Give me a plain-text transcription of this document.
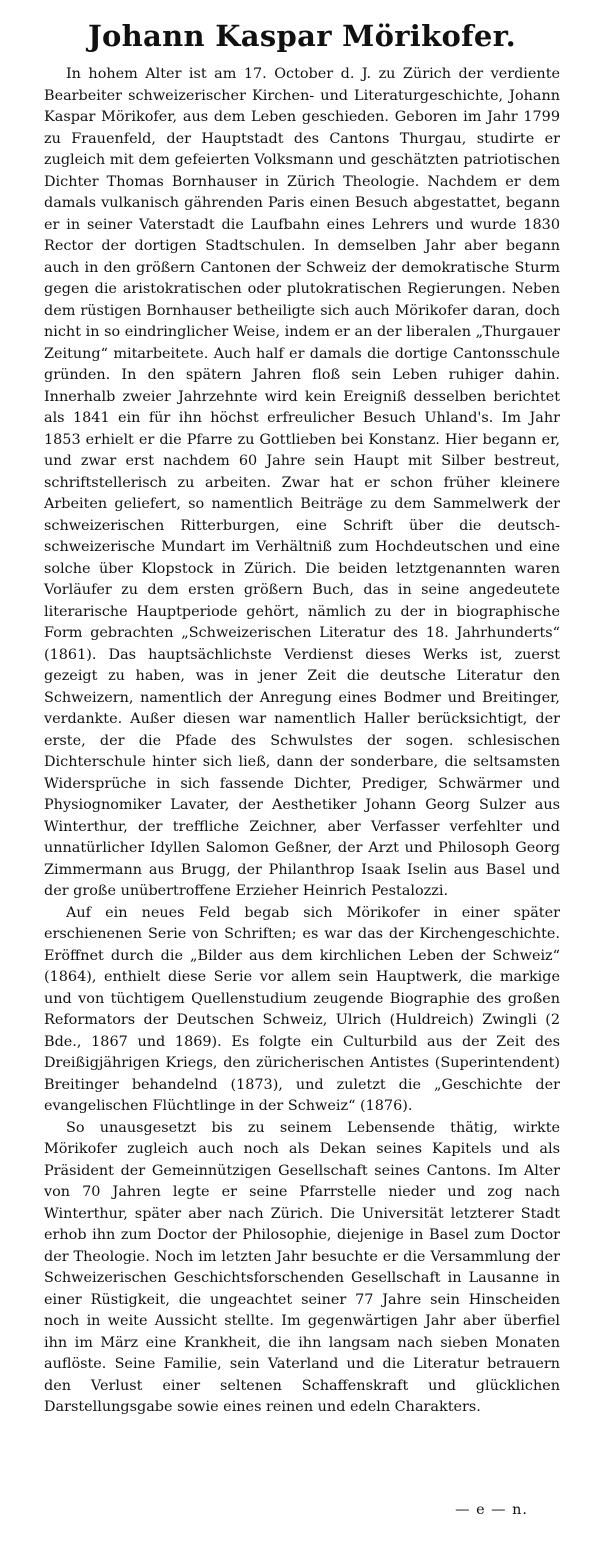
Johann Kaspar Mörikofer.

In hohem Alter ist am 17. October d. J. zu Zürich der verdiente Bearbeiter schweizerischer Kirchen- und Literaturgeschichte, Johann Kaspar Mörikofer, aus dem Leben geschieden. Geboren im Jahr 1799 zu Frauenfeld, der Hauptstadt des Cantons Thurgau, studirte er zugleich mit dem gefeierten Volksmann und geschätzten patriotischen Dichter Thomas Bornhauser in Zürich Theologie. Nachdem er dem damals vulkanisch gährenden Paris einen Besuch abgestattet, begann er in seiner Vaterstadt die Laufbahn eines Lehrers und wurde 1830 Rector der dortigen Stadtschulen. In demselben Jahr aber begann auch in den größern Cantonen der Schweiz der demokratische Sturm gegen die aristokratischen oder plutokratischen Regierungen. Neben dem rüstigen Bornhauser betheiligte sich auch Mörikofer daran, doch nicht in so eindringlicher Weise, indem er an der liberalen „Thurgauer Zeitung“ mitarbeitete. Auch half er damals die dortige Cantonsschule gründen. In den spätern Jahren floß sein Leben ruhiger dahin. Innerhalb zweier Jahrzehnte wird kein Ereigniß desselben berichtet als 1841 ein für ihn höchst erfreulicher Besuch Uhland's. Im Jahr 1853 erhielt er die Pfarre zu Gottlieben bei Konstanz. Hier begann er, und zwar erst nachdem 60 Jahre sein Haupt mit Silber bestreut, schriftstellerisch zu arbeiten. Zwar hat er schon früher kleinere Arbeiten geliefert, so namentlich Beiträge zu dem Sammelwerk der schweizerischen Ritterburgen, eine Schrift über die deutsch-schweizerische Mundart im Verhältniß zum Hochdeutschen und eine solche über Klopstock in Zürich. Die beiden letztgenannten waren Vorläufer zu dem ersten größern Buch, das in seine angedeutete literarische Hauptperiode gehört, nämlich zu der in biographische Form gebrachten „Schweizerischen Literatur des 18. Jahrhunderts“ (1861). Das hauptsächlichste Verdienst dieses Werks ist, zuerst gezeigt zu haben, was in jener Zeit die deutsche Literatur den Schweizern, namentlich der Anregung eines Bodmer und Breitinger, verdankte. Außer diesen war namentlich Haller berücksichtigt, der erste, der die Pfade des Schwulstes der sogen. schlesischen Dichterschule hinter sich ließ, dann der sonderbare, die seltsamsten Widersprüche in sich fassende Dichter, Prediger, Schwärmer und Physiognomiker Lavater, der Aesthetiker Johann Georg Sulzer aus Winterthur, der treffliche Zeichner, aber Verfasser verfehlter und unnatürlicher Idyllen Salomon Geßner, der Arzt und Philosoph Georg Zimmermann aus Brugg, der Philanthrop Isaak Iselin aus Basel und der große unübertroffene Erzieher Heinrich Pestalozzi.

Auf ein neues Feld begab sich Mörikofer in einer später erschienenen Serie von Schriften; es war das der Kirchengeschichte. Eröffnet durch die „Bilder aus dem kirchlichen Leben der Schweiz“ (1864), enthielt diese Serie vor allem sein Hauptwerk, die markige und von tüchtigem Quellenstudium zeugende Biographie des großen Reformators der Deutschen Schweiz, Ulrich (Huldreich) Zwingli (2 Bde., 1867 und 1869). Es folgte ein Culturbild aus der Zeit des Dreißigjährigen Kriegs, den züricherischen Antistes (Superintendent) Breitinger behandelnd (1873), und zuletzt die „Geschichte der evangelischen Flüchtlinge in der Schweiz“ (1876).

So unausgesetzt bis zu seinem Lebensende thätig, wirkte Mörikofer zugleich auch noch als Dekan seines Kapitels und als Präsident der Gemeinnützigen Gesellschaft seines Cantons. Im Alter von 70 Jahren legte er seine Pfarrstelle nieder und zog nach Winterthur, später aber nach Zürich. Die Universität letzterer Stadt erhob ihn zum Doctor der Philosophie, diejenige in Basel zum Doctor der Theologie. Noch im letzten Jahr besuchte er die Versammlung der Schweizerischen Geschichtsforschenden Gesellschaft in Lausanne in einer Rüstigkeit, die ungeachtet seiner 77 Jahre sein Hinscheiden noch in weite Aussicht stellte. Im gegenwärtigen Jahr aber überfiel ihn im März eine Krankheit, die ihn langsam nach sieben Monaten auflöste. Seine Familie, sein Vaterland und die Literatur betrauern den Verlust einer seltenen Schaffenskraft und glücklichen Darstellungsgabe sowie eines reinen und edeln Charakters.

— e — n.
